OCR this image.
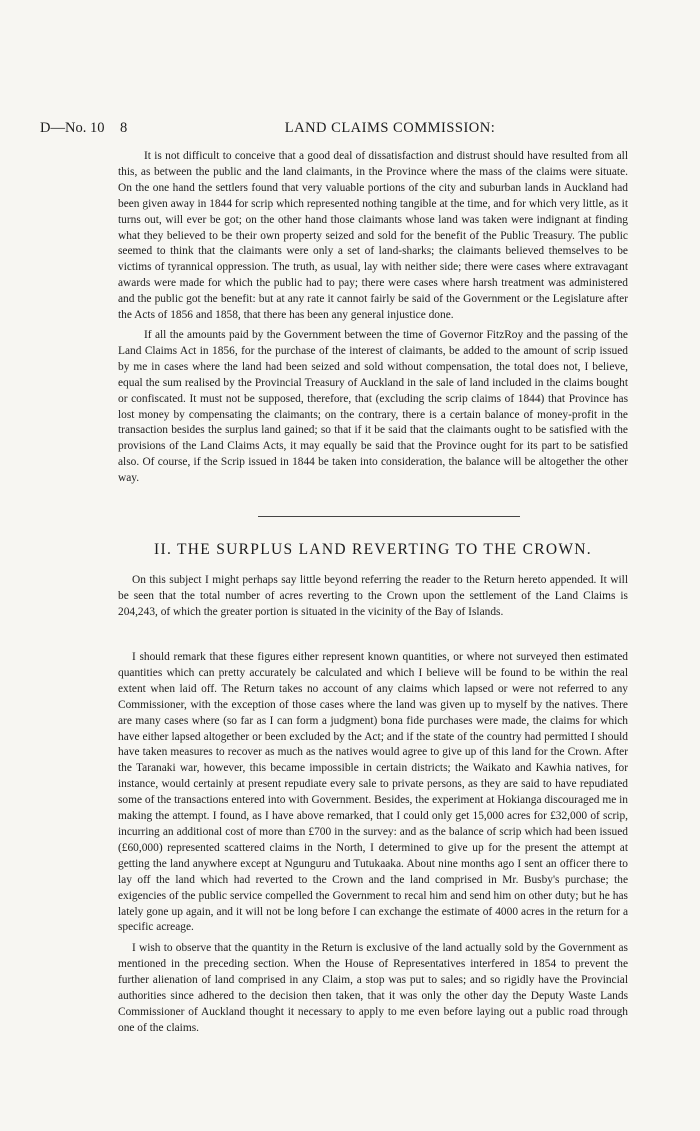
D—No. 10 8	LAND CLAIMS COMMISSION:

It is not difficult to conceive that a good deal of dissatisfaction and distrust should have resulted from all this, as between the public and the land claimants, in the Province where the mass of the claims were situate. On the one hand the settlers found that very valuable portions of the city and suburban lands in Auckland had been given away in 1844 for scrip which represented nothing tangible at the time, and for which very little, as it turns out, will ever be got; on the other hand those claimants whose land was taken were indignant at finding what they believed to be their own property seized and sold for the benefit of the Public Treasury. The public seemed to think that the claimants were only a set of land-sharks; the claimants believed themselves to be victims of tyrannical oppression. The truth, as usual, lay with neither side; there were cases where extravagant awards were made for which the public had to pay; there were cases where harsh treatment was administered and the public got the benefit: but at any rate it cannot fairly be said of the Government or the Legislature after the Acts of 1856 and 1858, that there has been any general injustice done.

If all the amounts paid by the Government between the time of Governor FitzRoy and the passing of the Land Claims Act in 1856, for the purchase of the interest of claimants, be added to the amount of scrip issued by me in cases where the land had been seized and sold without compensation, the total does not, I believe, equal the sum realised by the Provincial Treasury of Auckland in the sale of land included in the claims bought or confiscated. It must not be supposed, therefore, that (excluding the scrip claims of 1844) that Province has lost money by compensating the claimants; on the contrary, there is a certain balance of money-profit in the transaction besides the surplus land gained; so that if it be said that the claimants ought to be satisfied with the provisions of the Land Claims Acts, it may equally be said that the Province ought for its part to be satisfied also. Of course, if the Scrip issued in 1844 be taken into consideration, the balance will be altogether the other way.

II. THE SURPLUS LAND REVERTING TO THE CROWN.

On this subject I might perhaps say little beyond referring the reader to the Return hereto appended. It will be seen that the total number of acres reverting to the Crown upon the settlement of the Land Claims is 204,243, of which the greater portion is situated in the vicinity of the Bay of Islands.

I should remark that these figures either represent known quantities, or where not surveyed then estimated quantities which can pretty accurately be calculated and which I believe will be found to be within the real extent when laid off. The Return takes no account of any claims which lapsed or were not referred to any Commissioner, with the exception of those cases where the land was given up to myself by the natives. There are many cases where (so far as I can form a judgment) bona fide purchases were made, the claims for which have either lapsed altogether or been excluded by the Act; and if the state of the country had permitted I should have taken measures to recover as much as the natives would agree to give up of this land for the Crown. After the Taranaki war, however, this became impossible in certain districts; the Waikato and Kawhia natives, for instance, would certainly at present repudiate every sale to private persons, as they are said to have repudiated some of the transactions entered into with Government. Besides, the experiment at Hokianga discouraged me in making the attempt. I found, as I have above remarked, that I could only get 15,000 acres for £32,000 of scrip, incurring an additional cost of more than £700 in the survey: and as the balance of scrip which had been issued (£60,000) represented scattered claims in the North, I determined to give up for the present the attempt at getting the land anywhere except at Ngunguru and Tutukaaka. About nine months ago I sent an officer there to lay off the land which had reverted to the Crown and the land comprised in Mr. Busby's purchase; the exigencies of the public service compelled the Government to recal him and send him on other duty; but he has lately gone up again, and it will not be long before I can exchange the estimate of 4000 acres in the return for a specific acreage.

I wish to observe that the quantity in the Return is exclusive of the land actually sold by the Government as mentioned in the preceding section. When the House of Representatives interfered in 1854 to prevent the further alienation of land comprised in any Claim, a stop was put to sales; and so rigidly have the Provincial authorities since adhered to the decision then taken, that it was only the other day the Deputy Waste Lands Commissioner of Auckland thought it necessary to apply to me even before laying out a public road through one of the claims.
